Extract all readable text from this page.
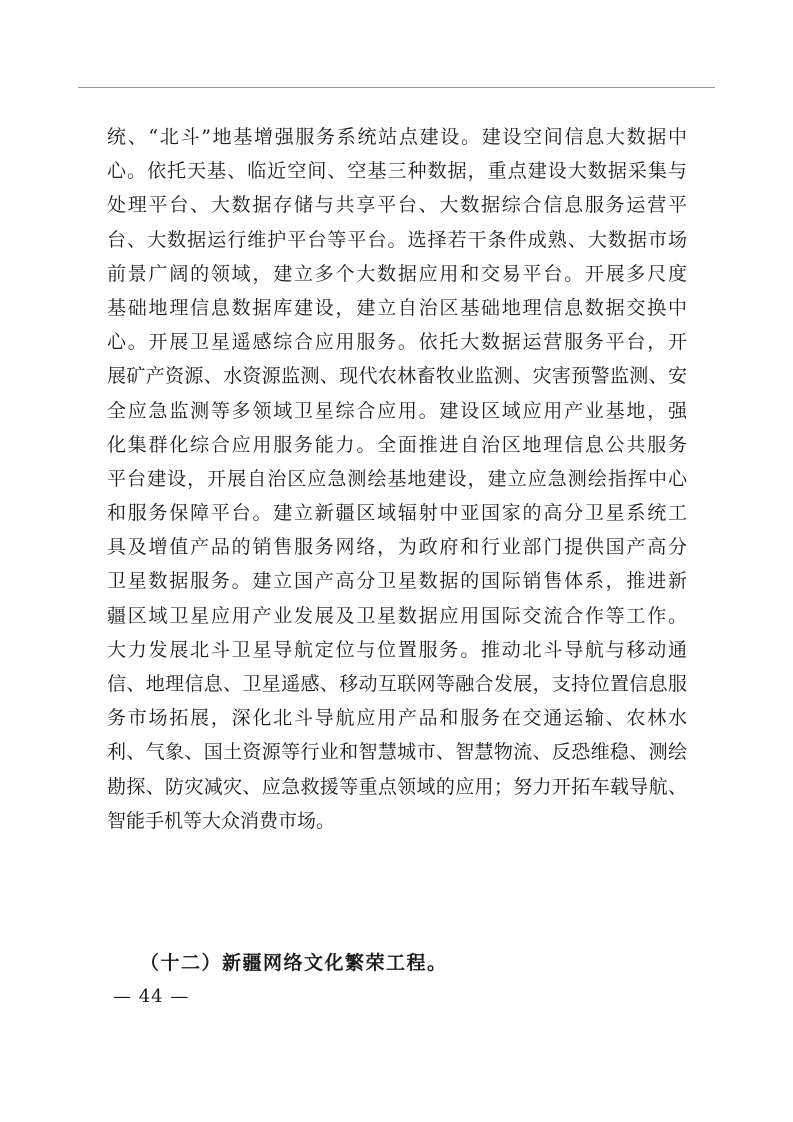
统、“北斗”地基增强服务系统站点建设。建设空间信息大数据中
心。依托天基、临近空间、空基三种数据，重点建设大数据采集与
处理平台、大数据存储与共享平台、大数据综合信息服务运营平
台、大数据运行维护平台等平台。选择若干条件成熟、大数据市场
前景广阔的领域，建立多个大数据应用和交易平台。开展多尺度
基础地理信息数据库建设，建立自治区基础地理信息数据交换中
心。开展卫星遥感综合应用服务。依托大数据运营服务平台，开
展矿产资源、水资源监测、现代农林畜牧业监测、灾害预警监测、安
全应急监测等多领域卫星综合应用。建设区域应用产业基地，强
化集群化综合应用服务能力。全面推进自治区地理信息公共服务
平台建设，开展自治区应急测绘基地建设，建立应急测绘指挥中心
和服务保障平台。建立新疆区域辐射中亚国家的高分卫星系统工
具及增值产品的销售服务网络，为政府和行业部门提供国产高分
卫星数据服务。建立国产高分卫星数据的国际销售体系，推进新
疆区域卫星应用产业发展及卫星数据应用国际交流合作等工作。
大力发展北斗卫星导航定位与位置服务。推动北斗导航与移动通
信、地理信息、卫星遥感、移动互联网等融合发展，支持位置信息服
务市场拓展，深化北斗导航应用产品和服务在交通运输、农林水
利、气象、国土资源等行业和智慧城市、智慧物流、反恐维稳、测绘
勘探、防灾减灾、应急救援等重点领域的应用；努力开拓车载导航、
智能手机等大众消费市场。
（十二）新疆网络文化繁荣工程。
— 44 —
